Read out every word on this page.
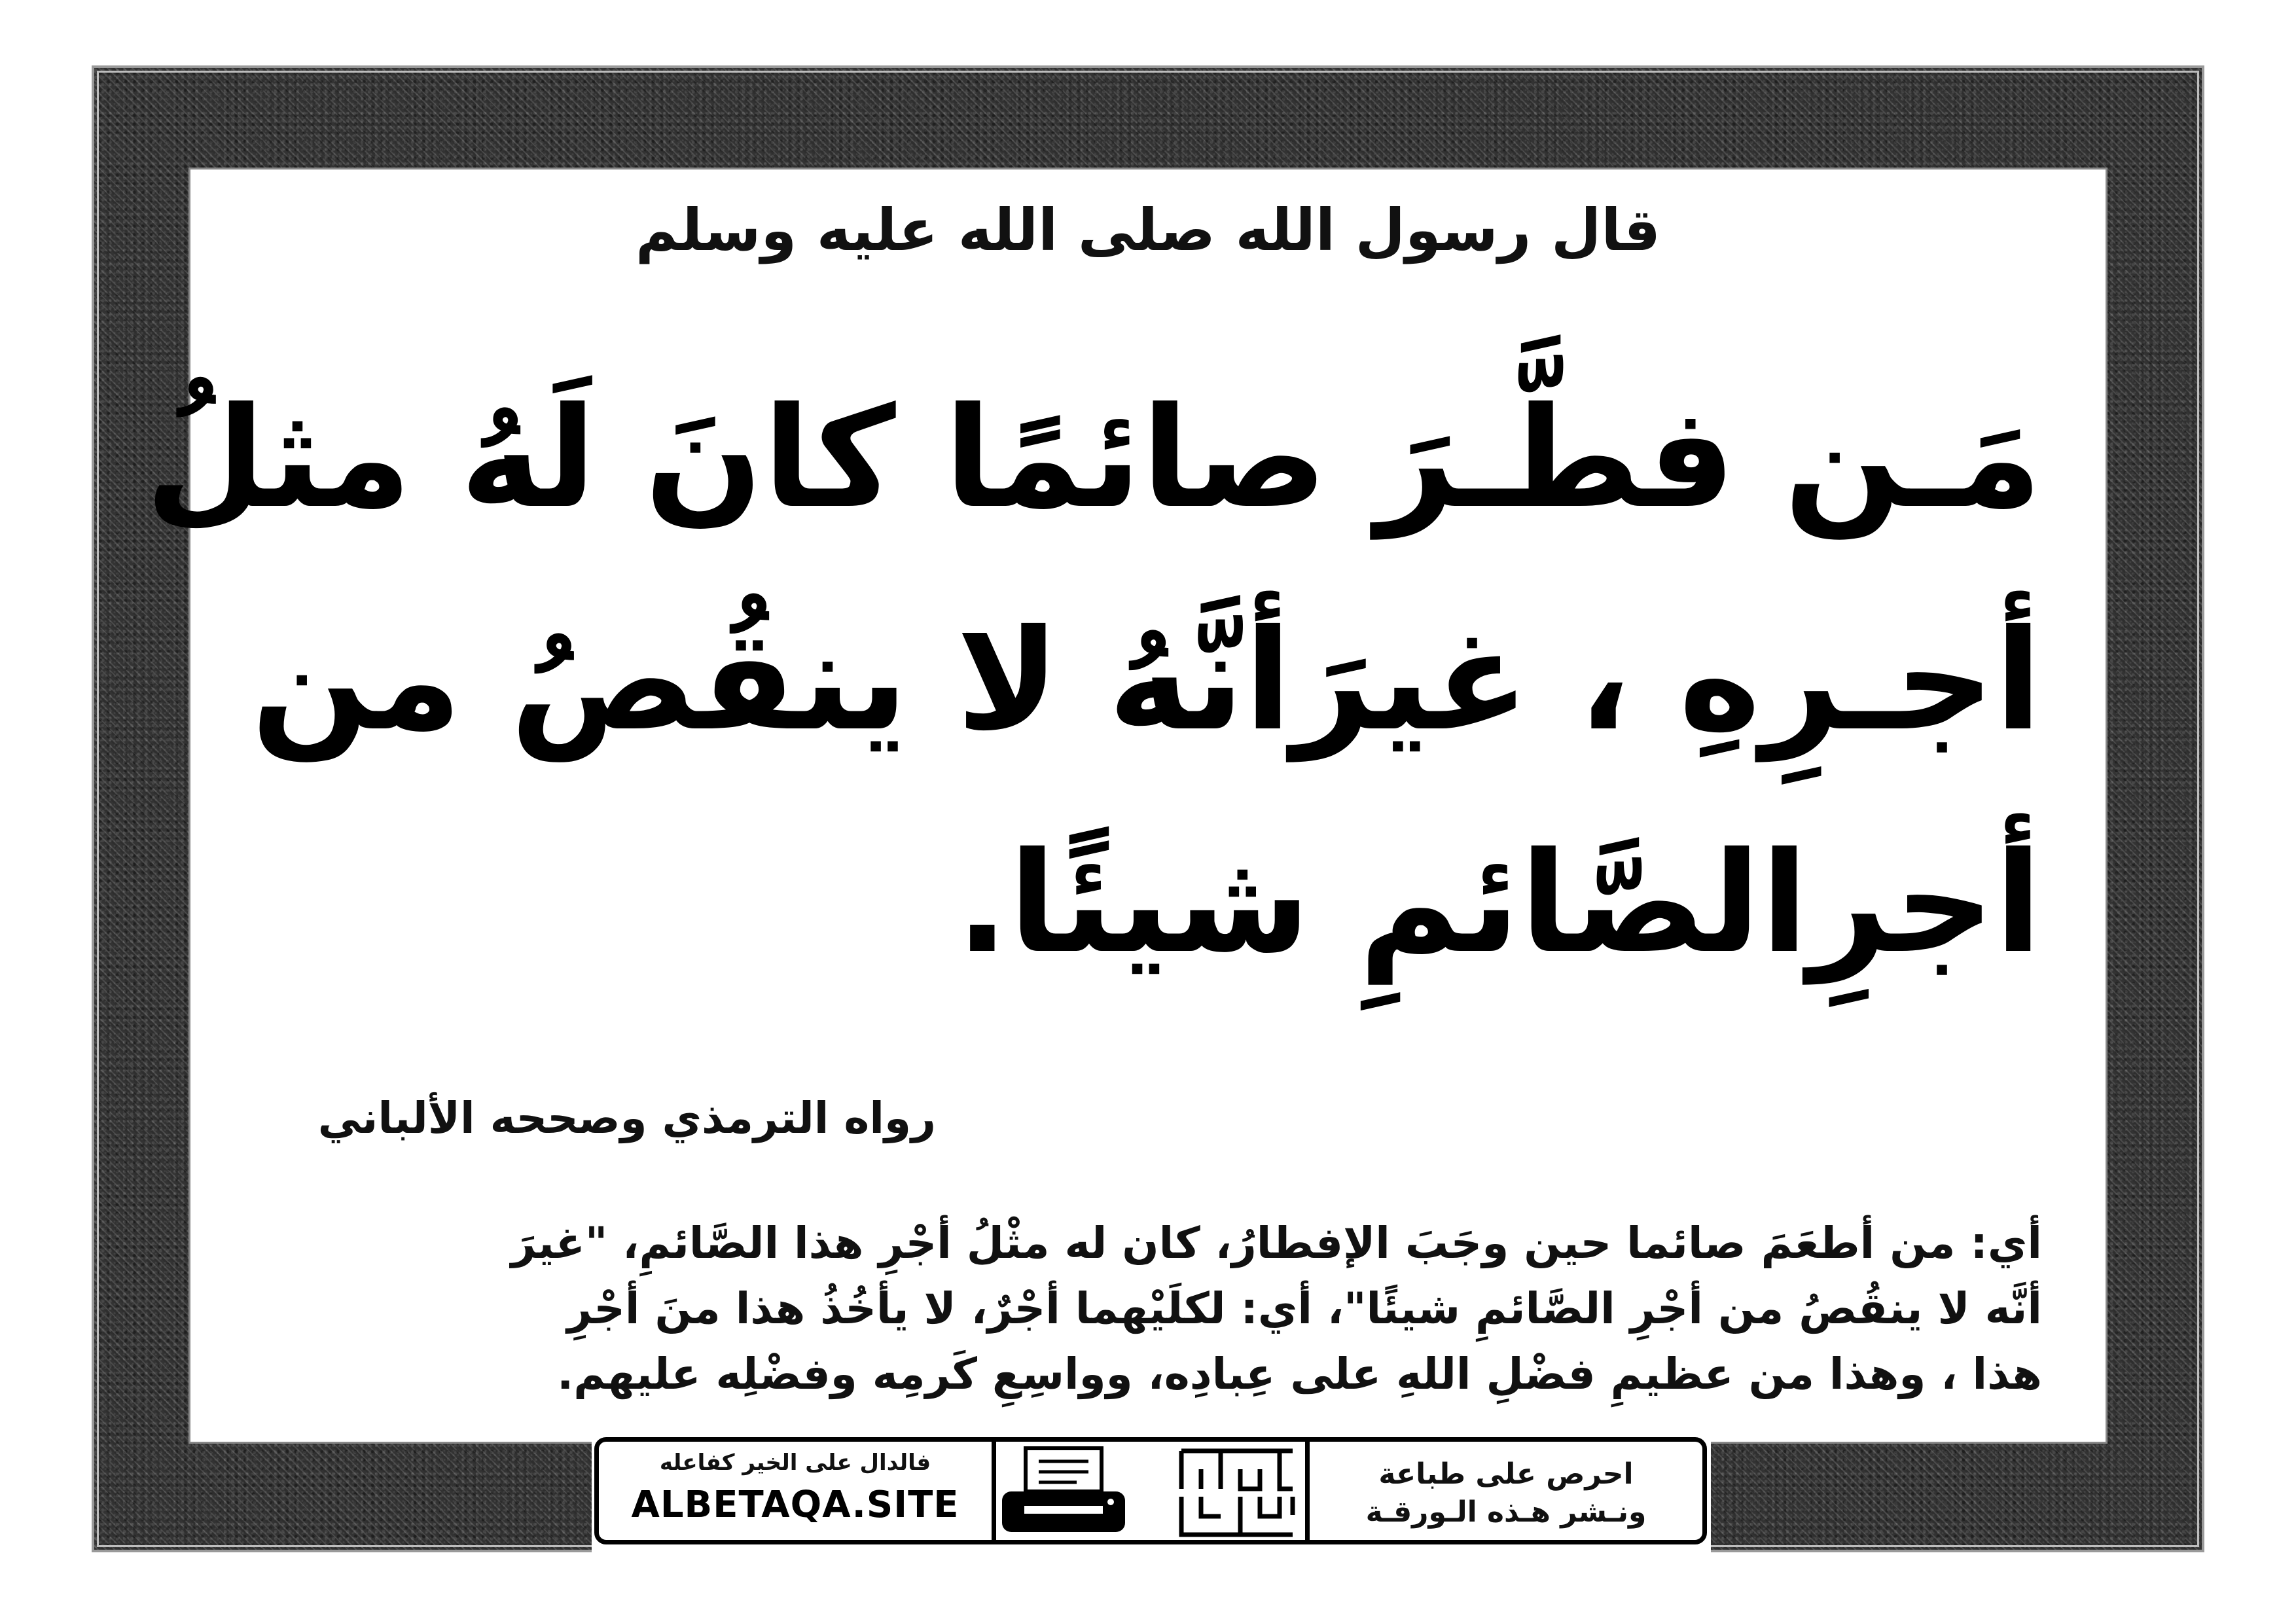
قال رسول الله صلى الله عليه وسلم
مَـن فطَّـرَ صائمًا كانَ لَهُ مثلُ
أجـرِهِ ، غيرَأنَّهُ لا ينقُصُ من
أجرِالصَّائمِ شيئًا.
رواه الترمذي وصححه الألباني
أي: من أطعَمَ صائما حين وجَبَ الإفطارُ، كان له مثْلُ أجْرِ هذا الصَّائمِ، "غيرَ
أنَّه لا ينقُصُ من أجْرِ الصَّائمِ شيئًا"، أي: لكلَيْهما أجْرٌ، لا يأخُذُ هذا منَ أجْرِ
هذا ، وهذا من عظيمِ فضْلِ اللهِ على عِبادِه، وواسِعِ كَرمِه وفضْلِه عليهم.
فالدال على الخير كفاعله
ALBETAQA.SITE
احرص على طباعة
ونـشر هـذه الـورقـة
